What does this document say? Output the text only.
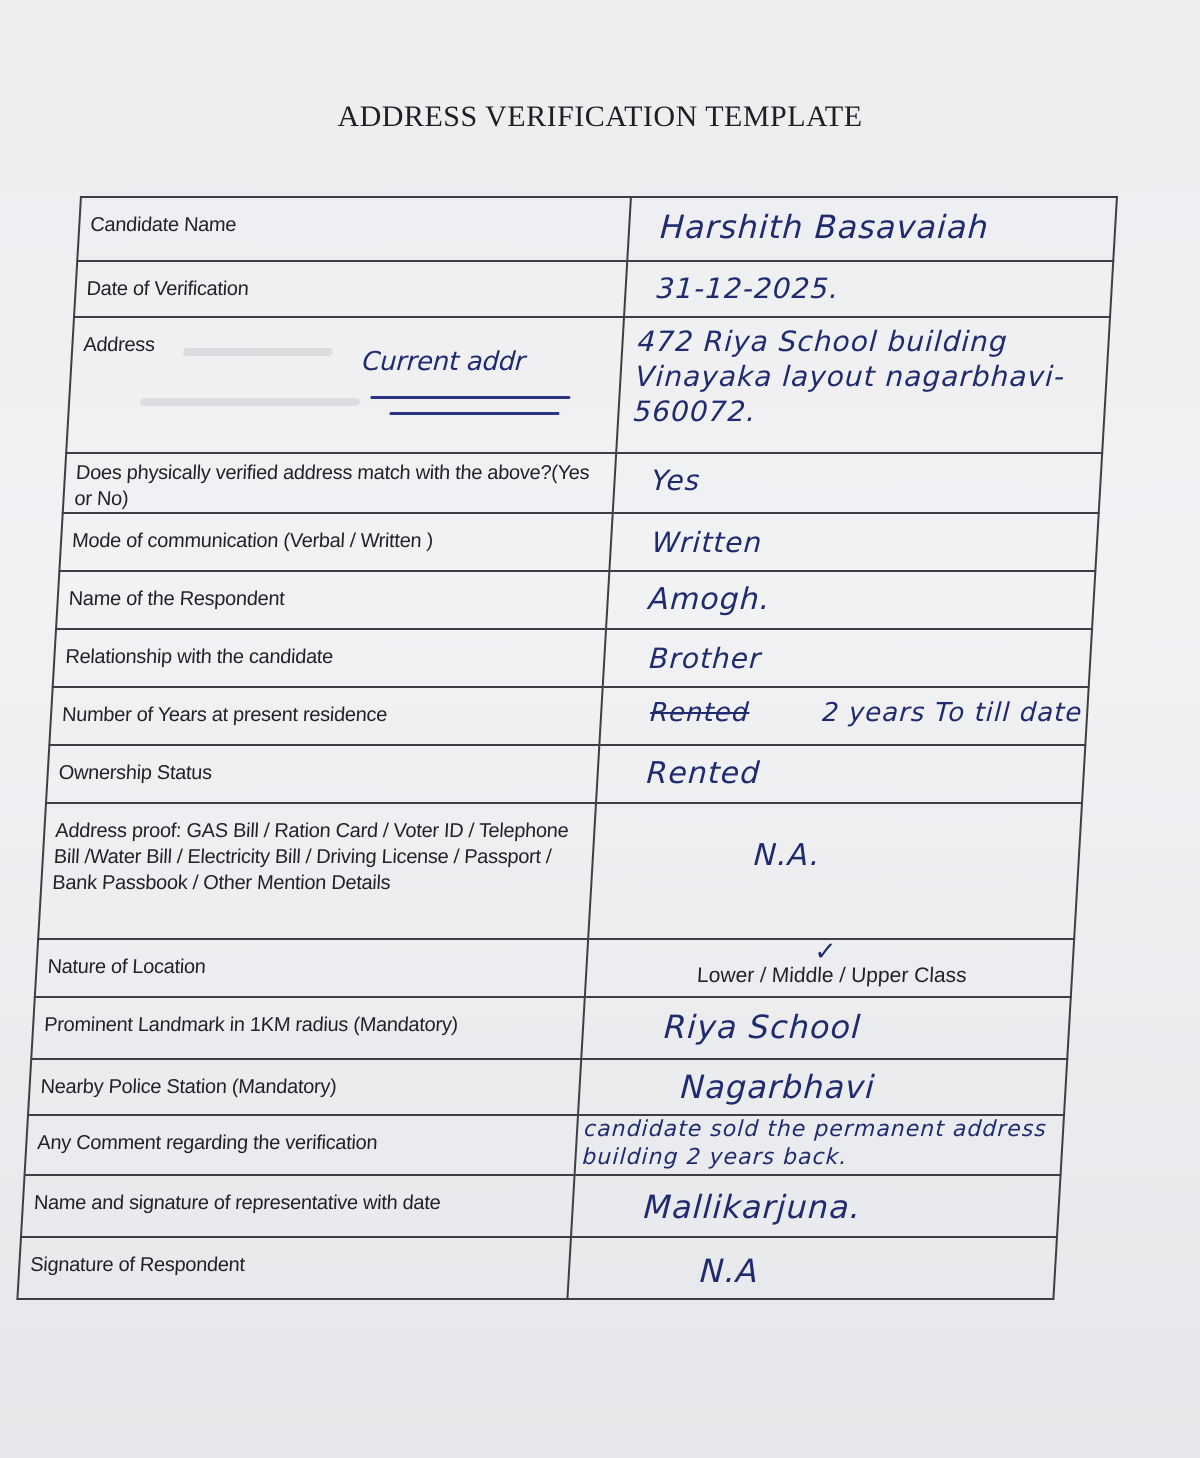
ADDRESS VERIFICATION TEMPLATE
Candidate Name	Harshith Basavaiah

Date of Verification	31-12-2025.

Address
Current addr	472 Riya School building Vinayaka layout nagarbhavi-560072.

Does physically verified address match with the above?(Yes or No)	Yes

Mode of communication (Verbal / Written )	Written

Name of the Respondent	Amogh.

Relationship with the candidate	Brother

Number of Years at present residence	Rented 2 years To till date

Ownership Status	Rented

Address proof: GAS Bill / Ration Card / Voter ID / Telephone Bill /Water Bill / Electricity Bill / Driving License / Passport / Bank Passbook / Other Mention Details	N.A.

Nature of Location	✓
Lower / Middle / Upper Class

Prominent Landmark in 1KM radius (Mandatory)	Riya School

Nearby Police Station (Mandatory)	Nagarbhavi

Any Comment regarding the verification	candidate sold the permanent address building 2 years back.

Name and signature of representative with date	Mallikarjuna.

Signature of Respondent	N.A
